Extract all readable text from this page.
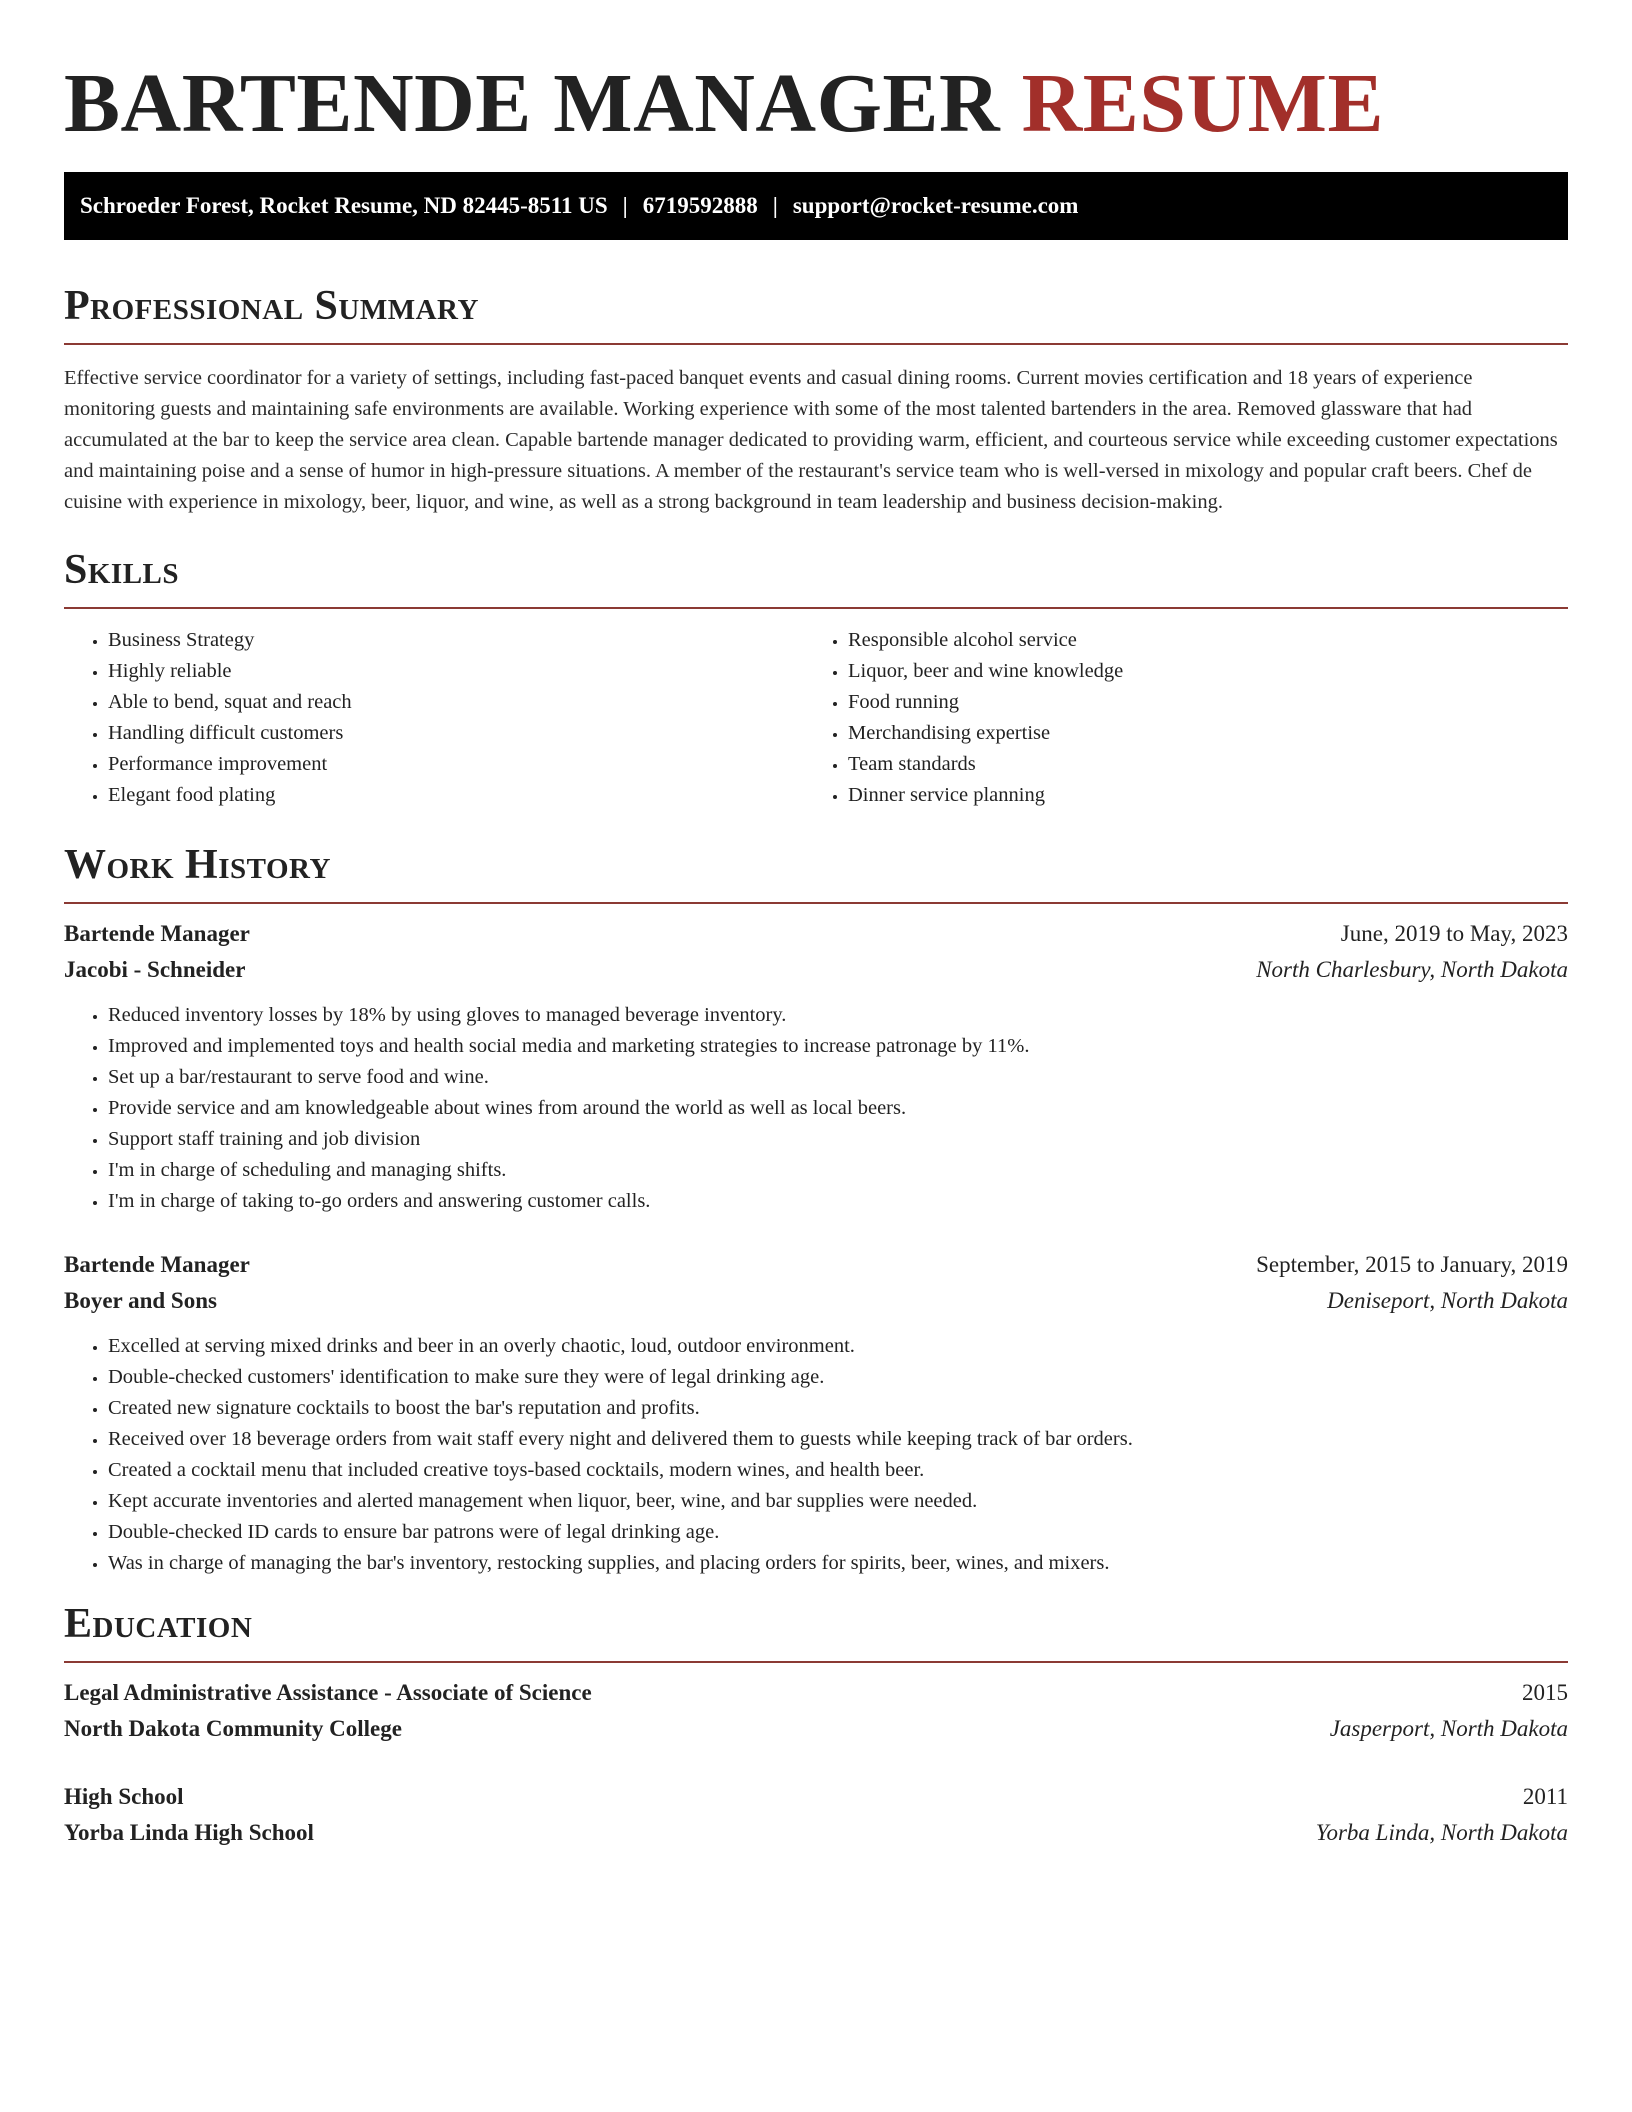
BARTENDE MANAGER RESUME
Schroeder Forest, Rocket Resume, ND 82445-8511 US | 6719592888 | support@rocket-resume.com
Professional Summary

Effective service coordinator for a variety of settings, including fast-paced banquet events and casual dining rooms. Current movies certification and 18 years of experience monitoring guests and maintaining safe environments are available. Working experience with some of the most talented bartenders in the area. Removed glassware that had accumulated at the bar to keep the service area clean. Capable bartende manager dedicated to providing warm, efficient, and courteous service while exceeding customer expectations and maintaining poise and a sense of humor in high-pressure situations. A member of the restaurant's service team who is well-versed in mixology and popular craft beers. Chef de cuisine with experience in mixology, beer, liquor, and wine, as well as a strong background in team leadership and business decision-making.

Skills
• Business Strategy
• Highly reliable
• Able to bend, squat and reach
• Handling difficult customers
• Performance improvement
• Elegant food plating
• Responsible alcohol service
• Liquor, beer and wine knowledge
• Food running
• Merchandising expertise
• Team standards
• Dinner service planning
Work History
Bartende Manager	June, 2019 to May, 2023
Jacobi - Schneider	North Charlesbury, North Dakota
• Reduced inventory losses by 18% by using gloves to managed beverage inventory.
• Improved and implemented toys and health social media and marketing strategies to increase patronage by 11%.
• Set up a bar/restaurant to serve food and wine.
• Provide service and am knowledgeable about wines from around the world as well as local beers.
• Support staff training and job division
• I'm in charge of scheduling and managing shifts.
• I'm in charge of taking to-go orders and answering customer calls.
Bartende Manager	September, 2015 to January, 2019
Boyer and Sons	Deniseport, North Dakota
• Excelled at serving mixed drinks and beer in an overly chaotic, loud, outdoor environment.
• Double-checked customers' identification to make sure they were of legal drinking age.
• Created new signature cocktails to boost the bar's reputation and profits.
• Received over 18 beverage orders from wait staff every night and delivered them to guests while keeping track of bar orders.
• Created a cocktail menu that included creative toys-based cocktails, modern wines, and health beer.
• Kept accurate inventories and alerted management when liquor, beer, wine, and bar supplies were needed.
• Double-checked ID cards to ensure bar patrons were of legal drinking age.
• Was in charge of managing the bar's inventory, restocking supplies, and placing orders for spirits, beer, wines, and mixers.
Education
Legal Administrative Assistance - Associate of Science	2015
North Dakota Community College	Jasperport, North Dakota
High School	2011
Yorba Linda High School	Yorba Linda, North Dakota
